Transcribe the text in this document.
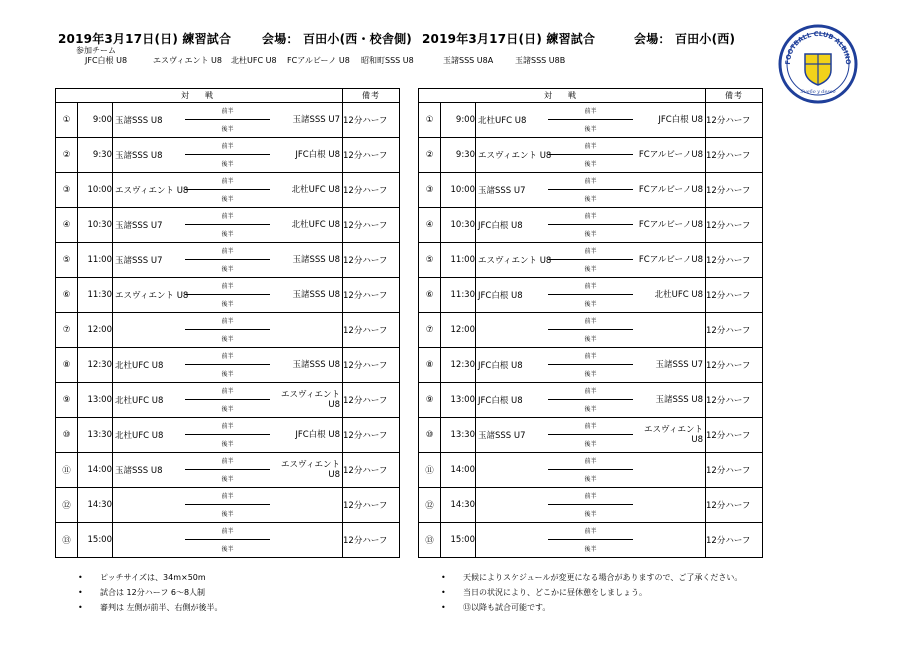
2019年3月17日(日) 練習試合	会場： 百田小(西・校舎側) 2019年3月17日(日) 練習試合	会場： 百田小(西)
参加チーム
JFC白根 U8	エスヴィエント U8 北杜UFC U8 FCアルビーノ U8 昭和町SSS U8	玉諸SSS U8A	玉諸SSS U8B
対　戦			備考
①	9:00	玉諸SSS U8
前半
後半
玉諸SSS U7	12分ハーフ
②	9:30	玉諸SSS U8
前半
後半
JFC白根 U8	12分ハーフ
③	10:00	エスヴィエント U8
前半
後半
北杜UFC U8	12分ハーフ
④	10:30	玉諸SSS U7
前半
後半
北杜UFC U8	12分ハーフ
⑤	11:00	玉諸SSS U7
前半
後半
玉諸SSS U8	12分ハーフ
⑥	11:30	エスヴィエント U8
前半
後半
玉諸SSS U8	12分ハーフ
⑦	12:00	前半
後半	12分ハーフ
⑧	12:30	北杜UFC U8
前半
後半
玉諸SSS U8	12分ハーフ
⑨	13:00	北杜UFC U8
前半
後半
エスヴィエント U8	12分ハーフ
⑩	13:30	北杜UFC U8
前半
後半
JFC白根 U8	12分ハーフ
⑪	14:00	玉諸SSS U8
前半
後半
エスヴィエント U8	12分ハーフ
⑫	14:30	前半
後半	12分ハーフ
⑬	15:00	前半
後半	12分ハーフ
対　戦			備考
①	9:00	北杜UFC U8
前半
後半
JFC白根 U8	12分ハーフ
②	9:30	エスヴィエント U8
前半
後半
FCアルビーノU8	12分ハーフ
③	10:00	玉諸SSS U7
前半
後半
FCアルビーノU8	12分ハーフ
④	10:30	JFC白根 U8
前半
後半
FCアルビーノU8	12分ハーフ
⑤	11:00	エスヴィエント U8
前半
後半
FCアルビーノU8	12分ハーフ
⑥	11:30	JFC白根 U8
前半
後半
北杜UFC U8	12分ハーフ
⑦	12:00	前半
後半	12分ハーフ
⑧	12:30	JFC白根 U8
前半
後半
玉諸SSS U7	12分ハーフ
⑨	13:00	JFC白根 U8
前半
後半
玉諸SSS U8	12分ハーフ
⑩	13:30	玉諸SSS U7
前半
後半
エスヴィエント U8	12分ハーフ
⑪	14:00	前半
後半	12分ハーフ
⑫	14:30	前半
後半	12分ハーフ
⑬	15:00	前半
後半	12分ハーフ
• ピッチサイズは、34m×50m
• 試合は 12分ハーフ 6～8人制
• 審判は 左側が前半、右側が後半。
• 天候によりスケジュールが変更になる場合がありますので、ご了承ください。
• 当日の状況により、どこかに昼休憩をしましょう。
• ⑬以降も試合可能です。
FOOTBALL CLUB ALBINO
Sueño y deseo
